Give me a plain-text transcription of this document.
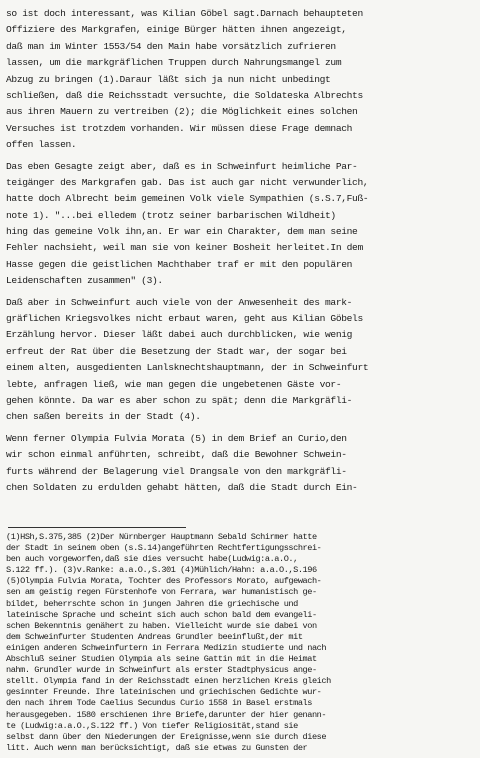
so ist doch interessant, was Kilian Göbel sagt.Darnach behaupteten
Offiziere des Markgrafen, einige Bürger hätten ihnen angezeigt,
daß man im Winter 1553/54 den Main habe vorsätzlich zufrieren
lassen, um die markgräflichen Truppen durch Nahrungsmangel zum
Abzug zu bringen (1).Daraur läßt sich ja nun nicht unbedingt
schließen, daß die Reichsstadt versuchte, die Soldateska Albrechts
aus ihren Mauern zu vertreiben (2); die Möglichkeit eines solchen
Versuches ist trotzdem vorhanden. Wir müssen diese Frage demnach
offen lassen.
Das eben Gesagte zeigt aber, daß es in Schweinfurt heimliche Par-
teigänger des Markgrafen gab. Das ist auch gar nicht verwunderlich,
hatte doch Albrecht beim gemeinen Volk viele Sympathien (s.S.7,Fuß-
note 1). "...bei elledem (trotz seiner barbarischen Wildheit)
hing das gemeine Volk ihn,an. Er war ein Charakter, dem man seine
Fehler nachsieht, weil man sie von keiner Bosheit herleitet.In dem
Hasse gegen die geistlichen Machthaber traf er mit den populären
Leidenschaften zusammen" (3).
Daß aber in Schweinfurt auch viele von der Anwesenheit des mark-
gräflichen Kriegsvolkes nicht erbaut waren, geht aus Kilian Göbels
Erzählung hervor. Dieser läßt dabei auch durchblicken, wie wenig
erfreut der Rat über die Besetzung der Stadt war, der sogar bei
einem alten, ausgedienten Lanlsknechtshauptmann, der in Schweinfurt
lebte, anfragen ließ, wie man gegen die ungebetenen Gäste vor-
gehen könnte. Da war es aber schon zu spät; denn die Markgräfli-
chen saßen bereits in der Stadt (4).
Wenn ferner Olympia Fulvia Morata (5) in dem Brief an Curio,den
wir schon einmal anführten, schreibt, daß die Bewohner Schwein-
furts während der Belagerung viel Drangsale von den markgräfli-
chen Soldaten zu erdulden gehabt hätten, daß die Stadt durch Ein-
(1)HSh,S.375,385 (2)Der Nürnberger Hauptmann Sebald Schirmer hatte
der Stadt in seinem oben (s.S.14)angeführten Rechtfertigungsschrei-
ben auch vorgeworfen,daß sie dies versucht habe(Ludwig:a.a.O.,
S.122 ff.). (3)v.Ranke: a.a.O.,S.301 (4)Mühlich/Hahn: a.a.O.,S.196
(5)Olympia Fulvia Morata, Tochter des Professors Morato, aufgewach-
sen am geistig regen Fürstenhofe von Ferrara, war humanistisch ge-
bildet, beherrschte schon in jungen Jahren die griechische und
lateinische Sprache und scheint sich auch schon bald dem evangeli-
schen Bekenntnis genähert zu haben. Vielleicht wurde sie dabei von
dem Schweinfurter Studenten Andreas Grundler beeinflußt,der mit
einigen anderen Schweinfurtern in Ferrara Medizin studierte und nach
Abschluß seiner Studien Olympia als seine Gattin mit in die Heimat
nahm. Grundler wurde in Schweinfurt als erster Stadtphysicus ange-
stellt. Olympia fand in der Reichsstadt einen herzlichen Kreis gleich
gesinnter Freunde. Ihre lateinischen und griechischen Gedichte wur-
den nach ihrem Tode Caelius Secundus Curio 1558 in Basel erstmals
herausgegeben. 1580 erschienen ihre Briefe,darunter der hier genann-
te (Ludwig:a.a.O.,S.122 ff.) Von tiefer Religiosität,stand sie
selbst dann über den Niederungen der Ereignisse,wenn sie durch diese
litt. Auch wenn man berücksichtigt, daß sie etwas zu Gunsten der
